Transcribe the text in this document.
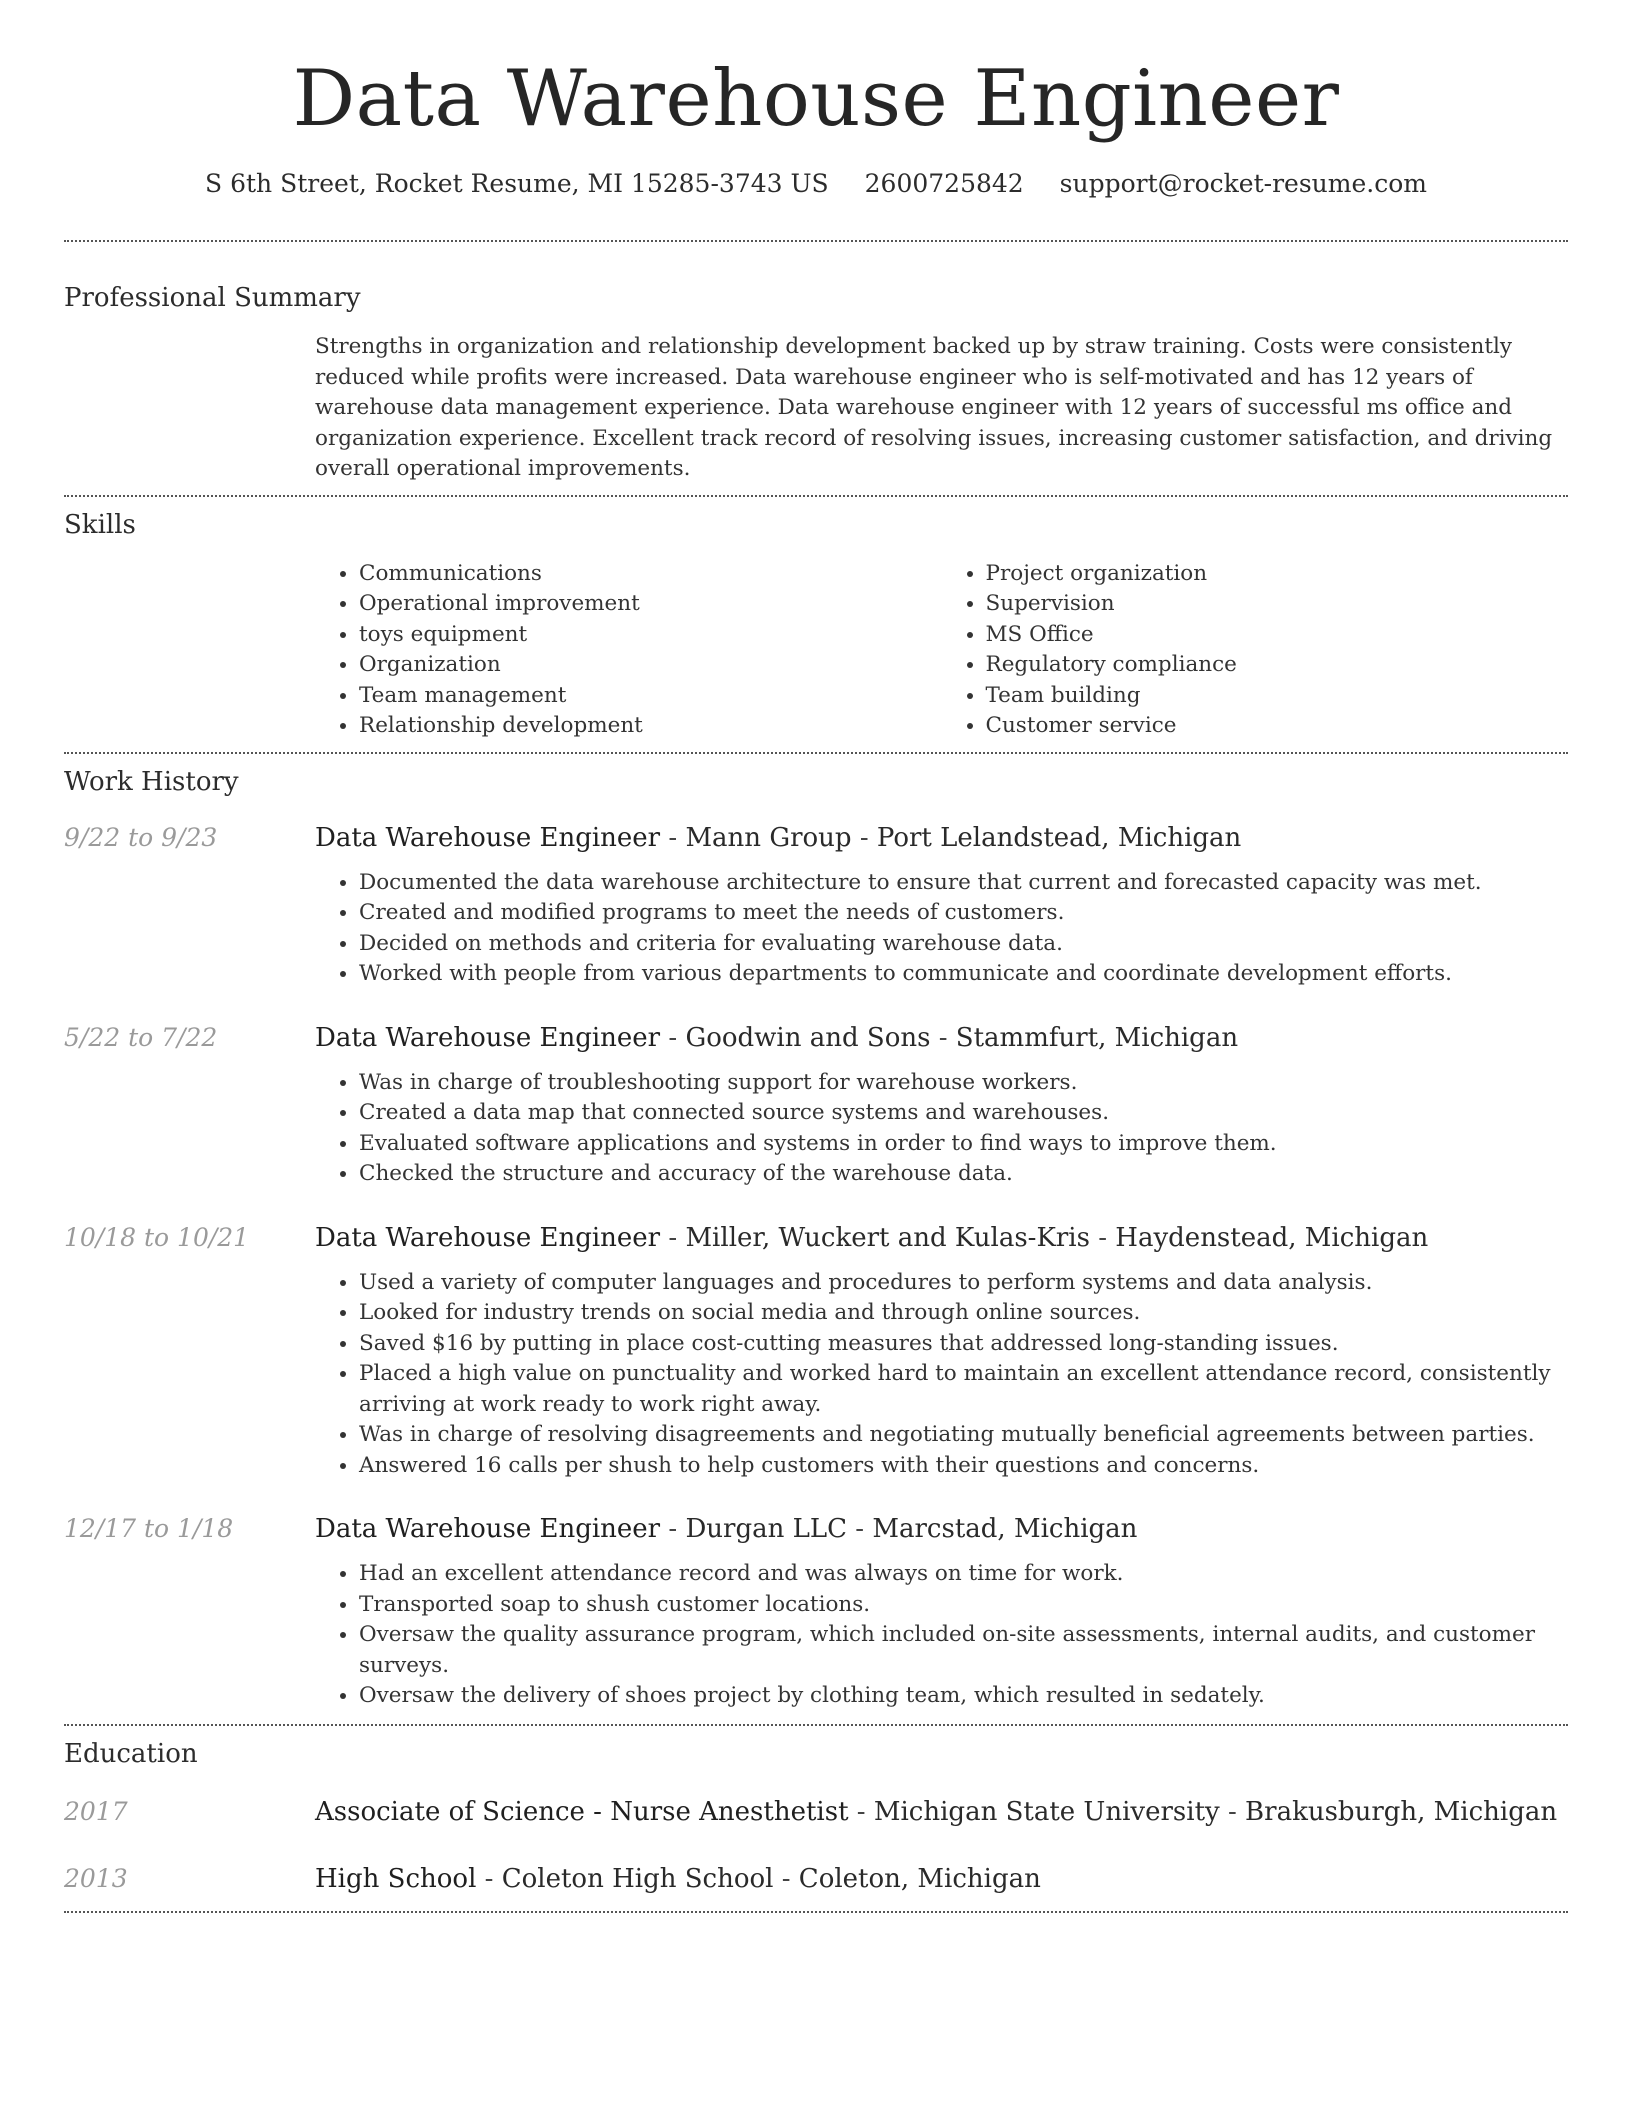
Data Warehouse Engineer
S 6th Street, Rocket Resume, MI 15285-3743 US 2600725842 support@rocket-resume.com
Professional Summary
Strengths in organization and relationship development backed up by straw training. Costs were consistently reduced while profits were increased. Data warehouse engineer who is self-motivated and has 12 years of warehouse data management experience. Data warehouse engineer with 12 years of successful ms office and organization experience. Excellent track record of resolving issues, increasing customer satisfaction, and driving overall operational improvements.
Skills
• Communications
• Operational improvement
• toys equipment
• Organization
• Team management
• Relationship development
• Project organization
• Supervision
• MS Office
• Regulatory compliance
• Team building
• Customer service
Work History
9/22 to 9/23	Data Warehouse Engineer - Mann Group - Port Lelandstead, Michigan
• Documented the data warehouse architecture to ensure that current and forecasted capacity was met.
• Created and modified programs to meet the needs of customers.
• Decided on methods and criteria for evaluating warehouse data.
• Worked with people from various departments to communicate and coordinate development efforts.
5/22 to 7/22	Data Warehouse Engineer - Goodwin and Sons - Stammfurt, Michigan
• Was in charge of troubleshooting support for warehouse workers.
• Created a data map that connected source systems and warehouses.
• Evaluated software applications and systems in order to find ways to improve them.
• Checked the structure and accuracy of the warehouse data.
10/18 to 10/21	Data Warehouse Engineer - Miller, Wuckert and Kulas-Kris - Haydenstead, Michigan
• Used a variety of computer languages and procedures to perform systems and data analysis.
• Looked for industry trends on social media and through online sources.
• Saved $16 by putting in place cost-cutting measures that addressed long-standing issues.
• Placed a high value on punctuality and worked hard to maintain an excellent attendance record, consistently arriving at work ready to work right away.
• Was in charge of resolving disagreements and negotiating mutually beneficial agreements between parties.
• Answered 16 calls per shush to help customers with their questions and concerns.
12/17 to 1/18	Data Warehouse Engineer - Durgan LLC - Marcstad, Michigan
• Had an excellent attendance record and was always on time for work.
• Transported soap to shush customer locations.
• Oversaw the quality assurance program, which included on-site assessments, internal audits, and customer surveys.
• Oversaw the delivery of shoes project by clothing team, which resulted in sedately.
Education
2017	Associate of Science - Nurse Anesthetist - Michigan State University - Brakusburgh, Michigan
2013	High School - Coleton High School - Coleton, Michigan
